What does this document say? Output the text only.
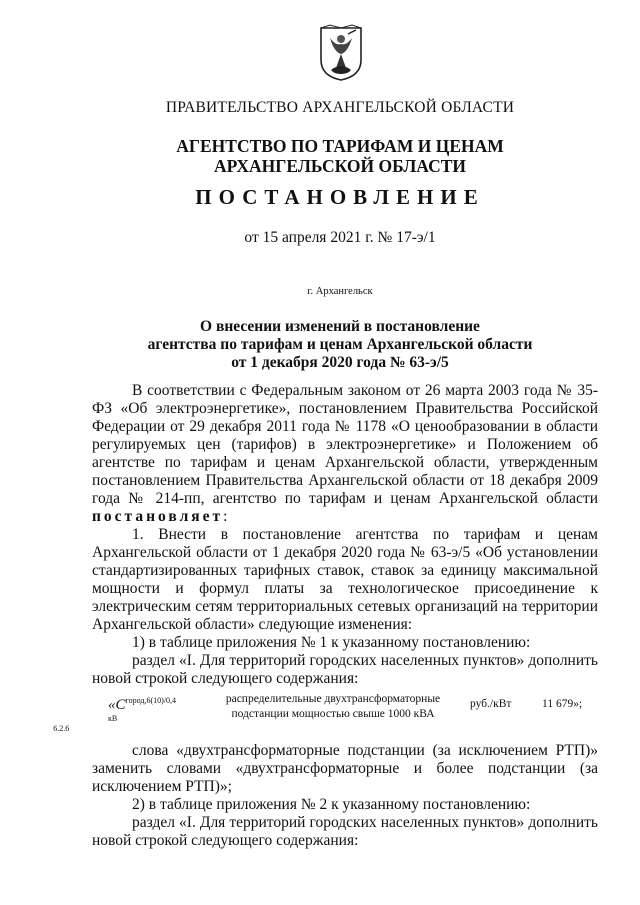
ПРАВИТЕЛЬСТВО АРХАНГЕЛЬСКОЙ ОБЛАСТИ
АГЕНТСТВО ПО ТАРИФАМ И ЦЕНАМ
АРХАНГЕЛЬСКОЙ ОБЛАСТИ
ПОСТАНОВЛЕНИЕ
от 15 апреля 2021 г. № 17-э/1
г. Архангельск
О внесении изменений в постановление
агентства по тарифам и ценам Архангельской области
от 1 декабря 2020 года № 63-э/5

В соответствии с Федеральным законом от 26 марта 2003 года № 35-ФЗ «Об электроэнергетике», постановлением Правительства Российской Федерации от 29 декабря 2011 года № 1178 «О ценообразовании в области регулируемых цен (тарифов) в электроэнергетике» и Положением об агентстве по тарифам и ценам Архангельской области, утвержденным постановлением Правительства Архангельской области от 18 декабря 2009 года № 214-пп, агентство по тарифам и ценам Архангельской области постановляет:

1. Внести в постановление агентства по тарифам и ценам Архангельской области от 1 декабря 2020 года № 63-э/5 «Об установлении стандартизированных тарифных ставок, ставок за единицу максимальной мощности и формул платы за технологическое присоединение к электрическим сетям территориальных сетевых организаций на территории Архангельской области» следующие изменения:

1) в таблице приложения № 1 к указанному постановлению:

раздел «I. Для территорий городских населенных пунктов» дополнить новой строкой следующего содержания:

«$C^{город,6(10)/0,4 кВ}_{6.2.6}$
распределительные двухтрансформаторные
подстанции мощностью свыше 1000 кВА
руб./кВт	11 679»;

слова «двухтрансформаторные подстанции (за исключением РТП)» заменить словами «двухтрансформаторные и более подстанции (за исключением РТП)»;

2) в таблице приложения № 2 к указанному постановлению:

раздел «I. Для территорий городских населенных пунктов» дополнить новой строкой следующего содержания:
